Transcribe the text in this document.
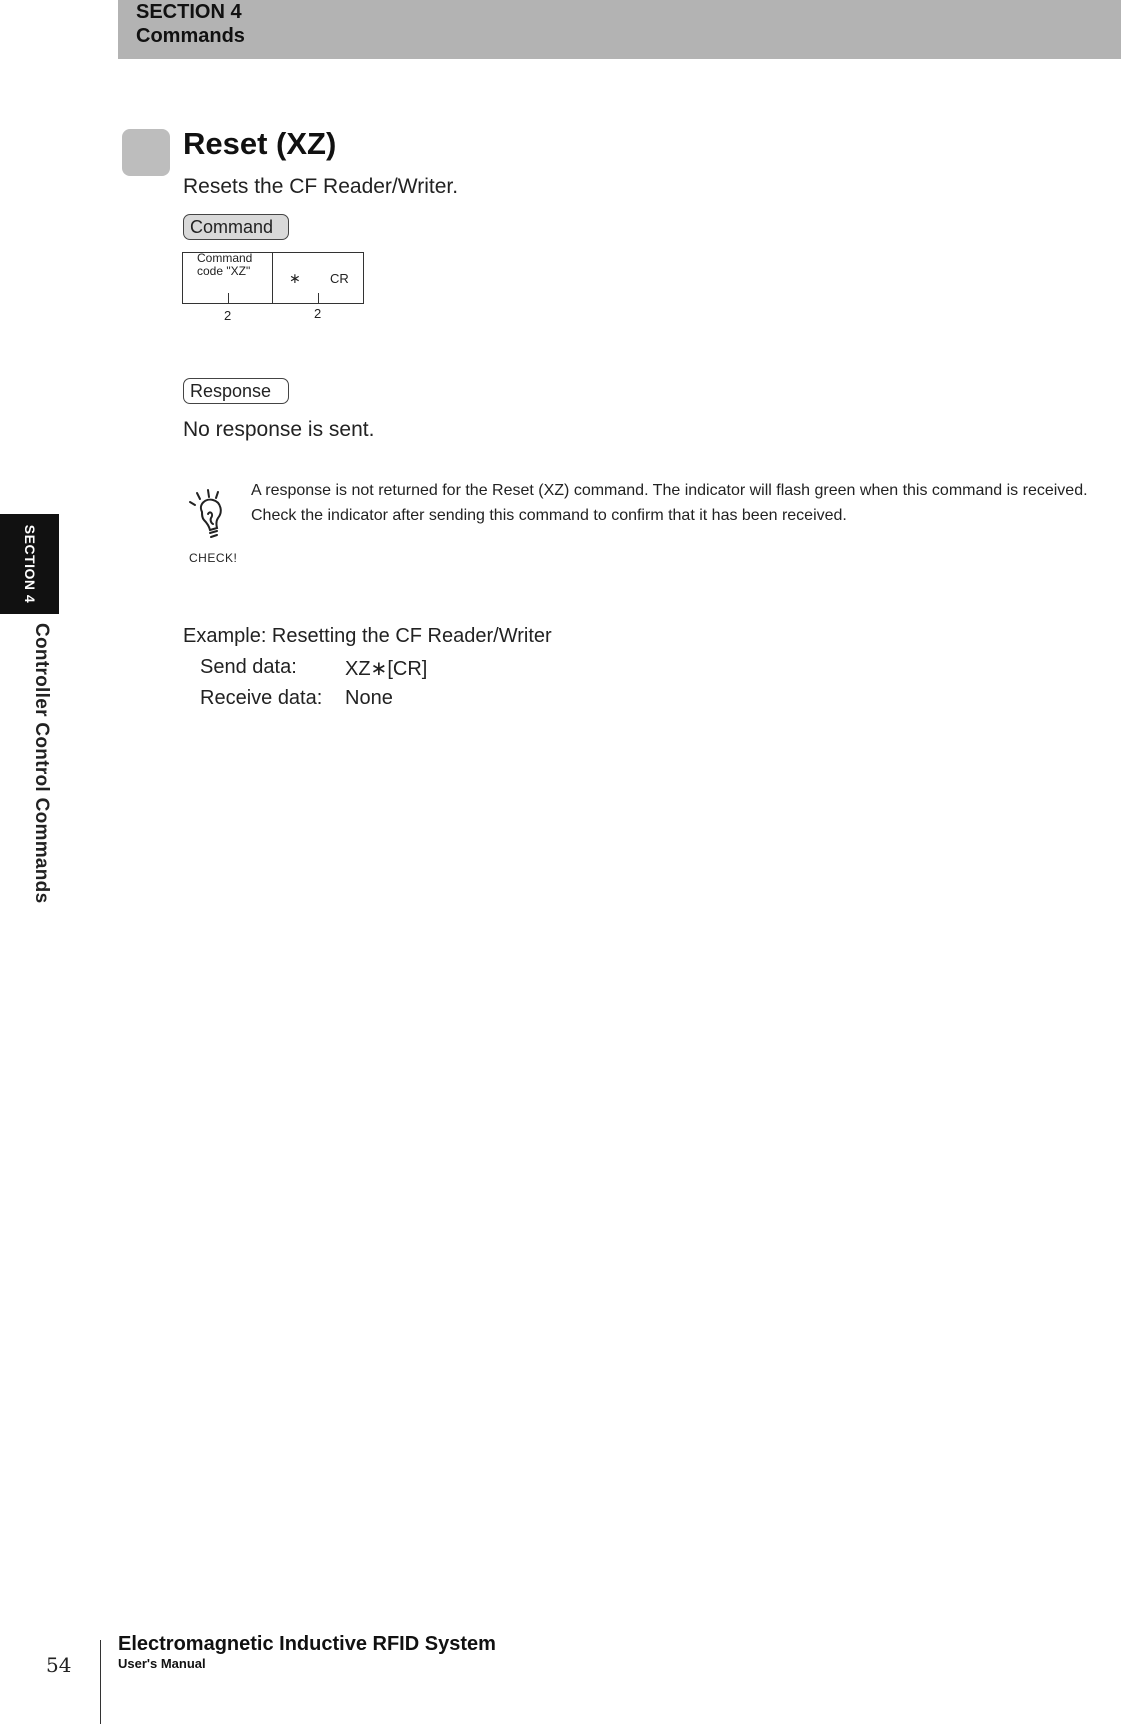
SECTION 4
Commands
SECTION 4
Controller Control Commands
Reset (XZ)
Resets the CF Reader/Writer.
Command
Command
code "XZ"	∗ CR
2	2
Response
No response is sent.
CHECK!
A response is not returned for the Reset (XZ) command. The indicator will flash green when this command is received.
Check the indicator after sending this command to confirm that it has been received.
Example: Resetting the CF Reader/Writer
Send data: XZ∗[CR]
Receive data: None
54
Electromagnetic Inductive RFID System
User's Manual
